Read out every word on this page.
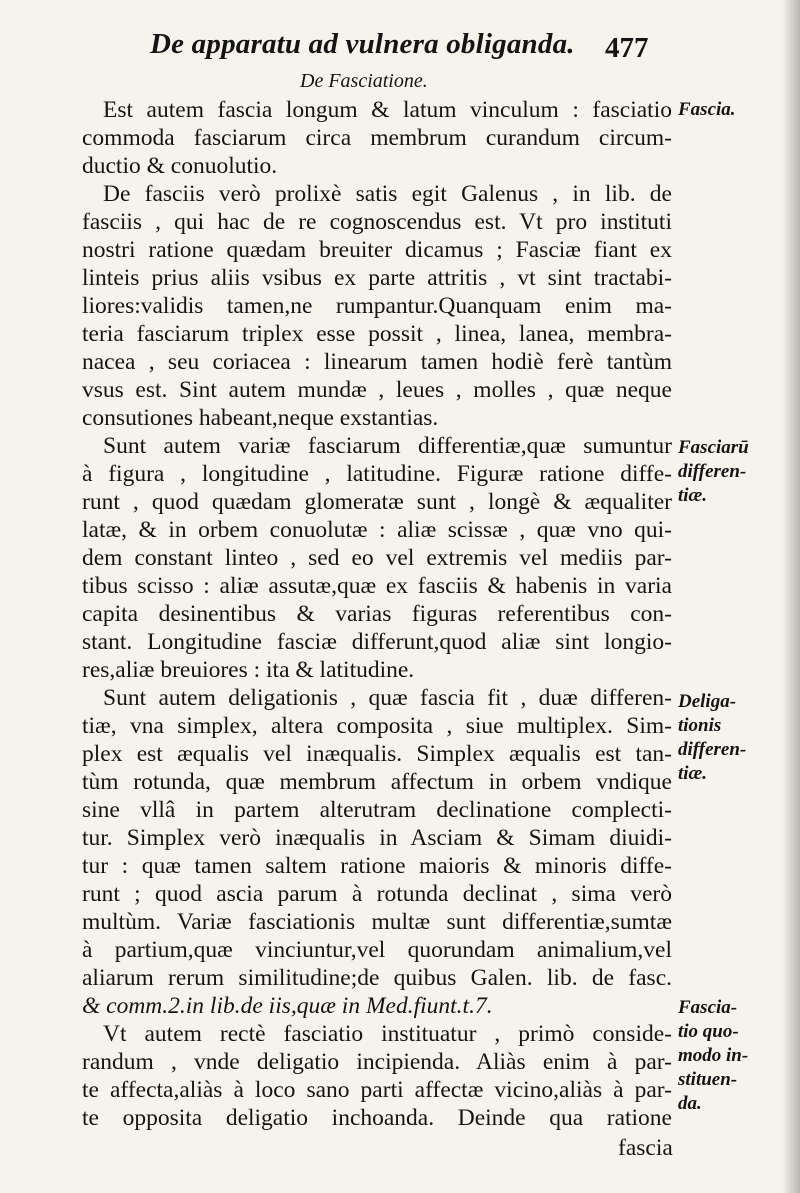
De apparatu ad vulnera obliganda. 477
De Fasciatione.
Est autem fascia longum & latum vinculum : fasciatio
commoda fasciarum circa membrum curandum circum-
ductio & conuolutio.
De fasciis verò prolixè satis egit Galenus , in lib. de
fasciis , qui hac de re cognoscendus est. Vt pro instituti
nostri ratione quædam breuiter dicamus ; Fasciæ fiant ex
linteis prius aliis vsibus ex parte attritis , vt sint tractabi-
liores:validis tamen,ne rumpantur.Quanquam enim ma-
teria fasciarum triplex esse possit , linea, lanea, membra-
nacea , seu coriacea : linearum tamen hodiè ferè tantùm
vsus est. Sint autem mundæ , leues , molles , quæ neque
consutiones habeant,neque exstantias.
Sunt autem variæ fasciarum differentiæ,quæ sumuntur
à figura , longitudine , latitudine. Figuræ ratione diffe-
runt , quod quædam glomeratæ sunt , longè & æqualiter
latæ, & in orbem conuolutæ : aliæ scissæ , quæ vno qui-
dem constant linteo , sed eo vel extremis vel mediis par-
tibus scisso : aliæ assutæ,quæ ex fasciis & habenis in varia
capita desinentibus & varias figuras referentibus con-
stant. Longitudine fasciæ differunt,quod aliæ sint longio-
res,aliæ breuiores : ita & latitudine.
Sunt autem deligationis , quæ fascia fit , duæ differen-
tiæ, vna simplex, altera composita , siue multiplex. Sim-
plex est æqualis vel inæqualis. Simplex æqualis est tan-
tùm rotunda, quæ membrum affectum in orbem vndique
sine vllâ in partem alterutram declinatione complecti-
tur. Simplex verò inæqualis in Asciam & Simam diuidi-
tur : quæ tamen saltem ratione maioris & minoris diffe-
runt ; quod ascia parum à rotunda declinat , sima verò
multùm. Variæ fasciationis multæ sunt differentiæ,sumtæ
à partium,quæ vinciuntur,vel quorundam animalium,vel
aliarum rerum similitudine;de quibus Galen. lib. de fasc.
& comm.2.in lib.de iis,quæ in Med.fiunt.t.7.
Vt autem rectè fasciatio instituatur , primò conside-
randum , vnde deligatio incipienda. Aliàs enim à par-
te affecta,aliàs à loco sano parti affectæ vicino,aliàs à par-
te opposita deligatio inchoanda. Deinde qua ratione
fascia
Fascia.
Fasciarū
differen-
tiæ.
Deliga-
tionis
differen-
tiæ.
Fascia-
tio quo-
modo in-
stituen-
da.
